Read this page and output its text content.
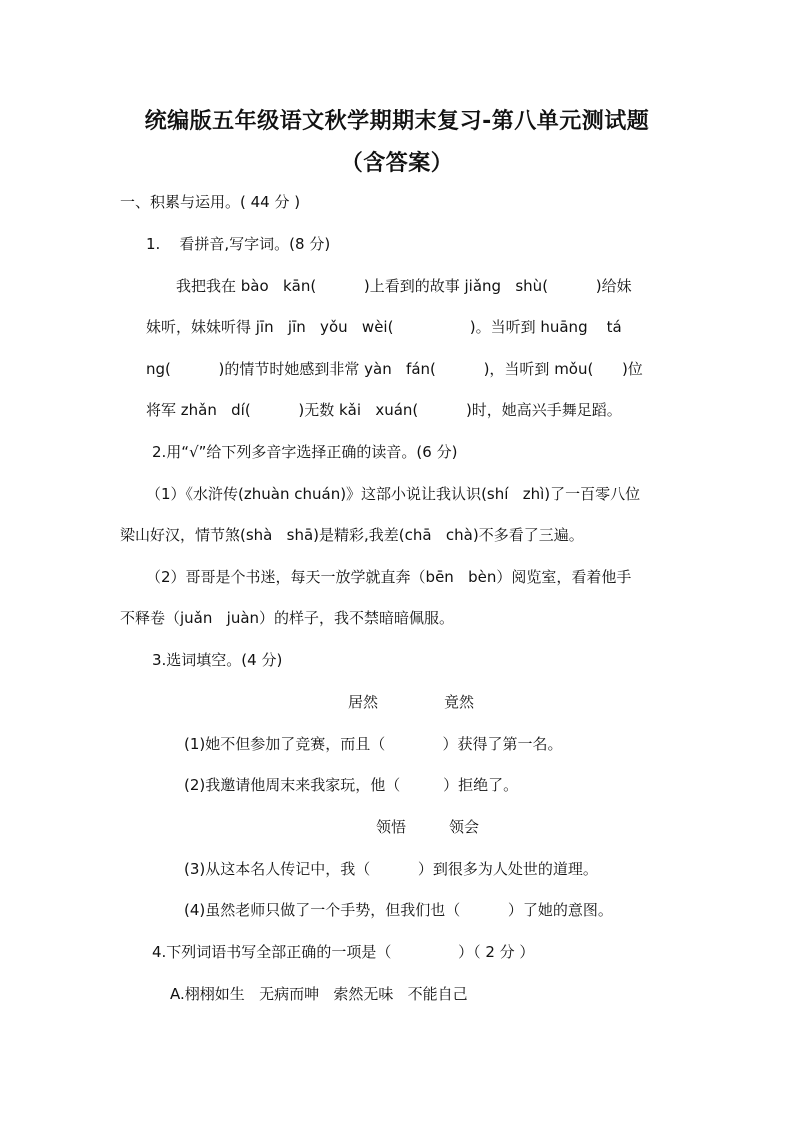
统编版五年级语文秋学期期末复习-第八单元测试题
（含答案）
一、积累与运用。( 44 分 )
1.    看拼音,写字词。(8 分)
我把我在 bào   kān(          )上看到的故事 jiǎng   shù(          )给妹
妹听，妹妹听得 jīn   jīn   yǒu   wèi(                )。当听到 huāng    tá
ng(          )的情节时她感到非常 yàn   fán(          )，当听到 mǒu(      )位
将军 zhǎn   dí(          )无数 kǎi   xuán(          )时，她高兴手舞足蹈。
2.用“√”给下列多音字选择正确的读音。(6 分)
（1）《水浒传(zhuàn chuán)》这部小说让我认识(shí   zhì)了一百零八位
梁山好汉，情节煞(shà   shā)是精彩,我差(chā   chà)不多看了三遍。
（2）哥哥是个书迷，每天一放学就直奔（bēn   bèn）阅览室，看着他手
不释卷（juǎn   juàn）的样子，我不禁暗暗佩服。
3.选词填空。(4 分)
居然	竟然
(1)她不但参加了竞赛，而且（            ）获得了第一名。
(2)我邀请他周末来我家玩，他（         ）拒绝了。
领悟	领会
(3)从这本名人传记中，我（          ）到很多为人处世的道理。
(4)虽然老师只做了一个手势，但我们也（          ）了她的意图。
4.下列词语书写全部正确的一项是（              ）（ 2 分 ）
A.栩栩如生   无病而呻   索然无味   不能自己
